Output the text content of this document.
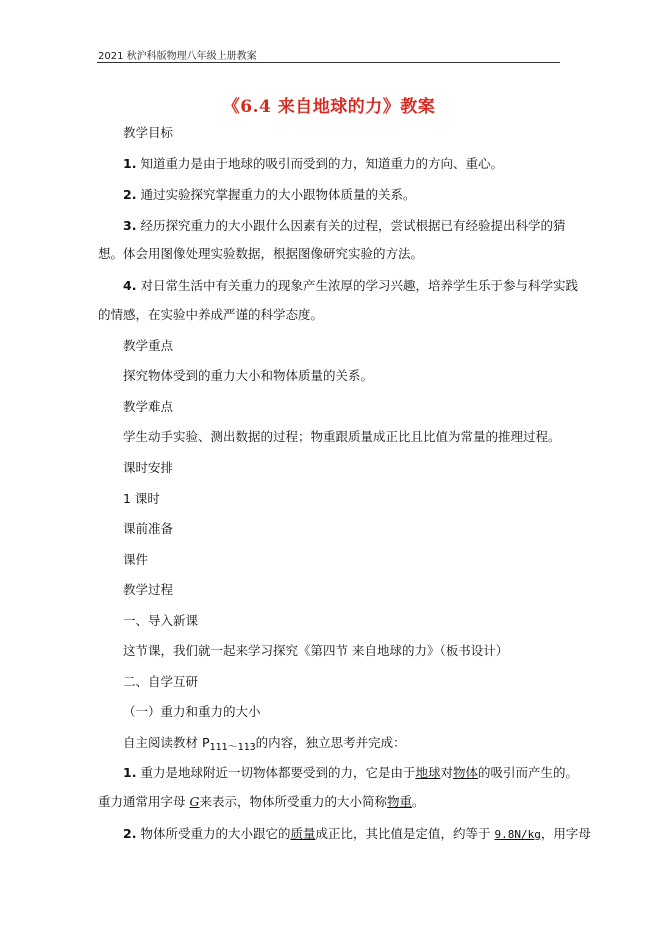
2021 秋沪科版物理八年级上册教案
《6.4 来自地球的力》教案
教学目标
1. 知道重力是由于地球的吸引而受到的力，知道重力的方向、重心。
2. 通过实验探究掌握重力的大小跟物体质量的关系。
3. 经历探究重力的大小跟什么因素有关的过程，尝试根据已有经验提出科学的猜
想。体会用图像处理实验数据，根据图像研究实验的方法。
4. 对日常生活中有关重力的现象产生浓厚的学习兴趣，培养学生乐于参与科学实践
的情感，在实验中养成严谨的科学态度。
教学重点
探究物体受到的重力大小和物体质量的关系。
教学难点
学生动手实验、测出数据的过程；物重跟质量成正比且比值为常量的推理过程。
课时安排
1 课时
课前准备
课件
教学过程
一、导入新课
这节课，我们就一起来学习探究《第四节 来自地球的力》（板书设计）
二、自学互研
（一）重力和重力的大小
自主阅读教材 $P_{111\sim 113}$的内容，独立思考并完成：
1. 重力是地球附近一切物体都要受到的力，它是由于地球对物体的吸引而产生的。
重力通常用字母 G来表示，物体所受重力的大小简称物重。
2. 物体所受重力的大小跟它的质量成正比，其比值是定值，约等于 9.8N/kg，用字母
